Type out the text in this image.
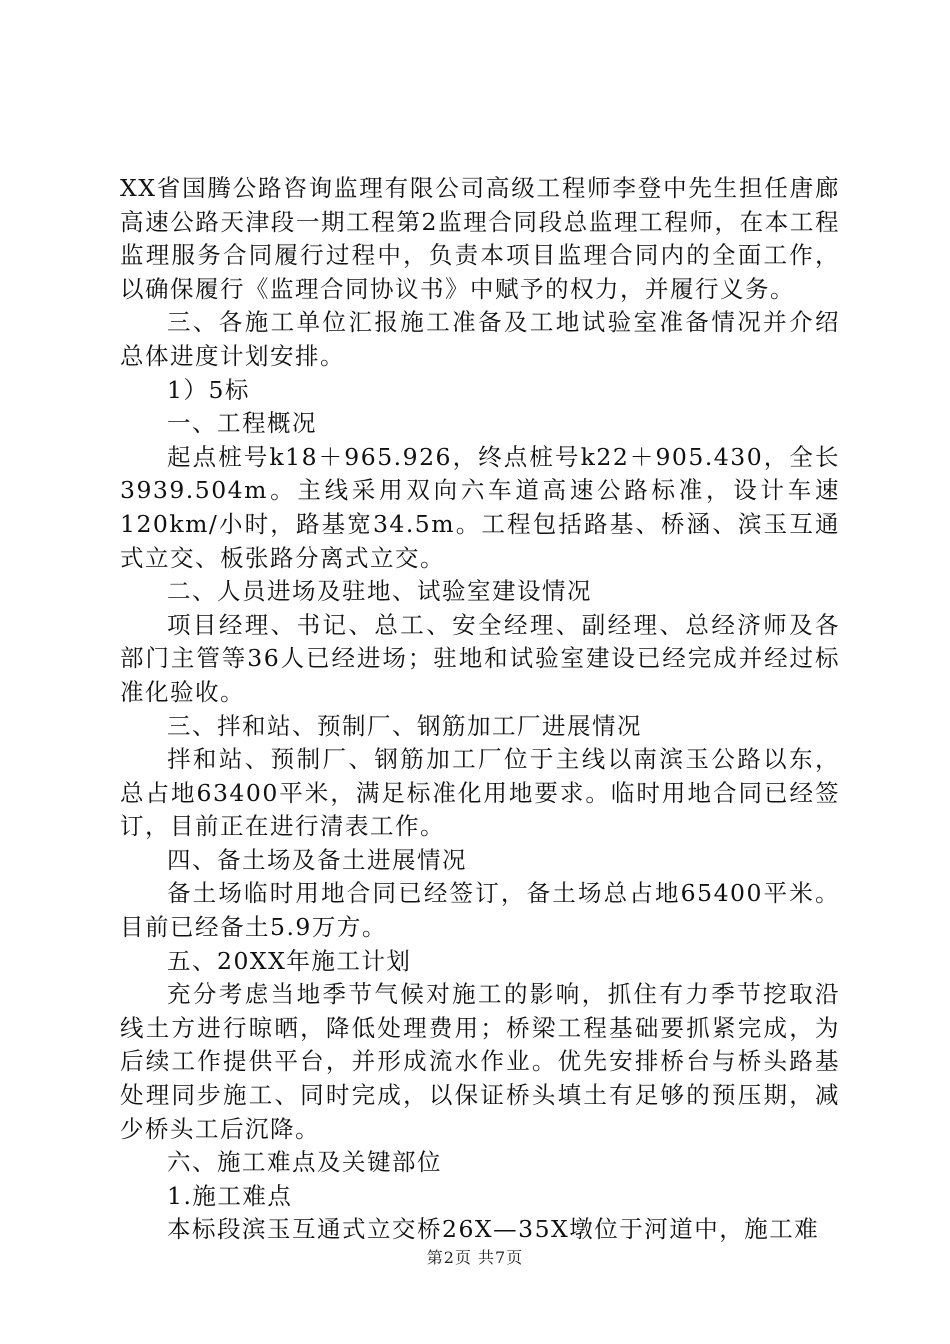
XX省国腾公路咨询监理有限公司高级工程师李登中先生担任唐廊高速公路天津段一期工程第2监理合同段总监理工程师，在本工程监理服务合同履行过程中，负责本项目监理合同内的全面工作，以确保履行《监理合同协议书》中赋予的权力，并履行义务。

三、各施工单位汇报施工准备及工地试验室准备情况并介绍总体进度计划安排。

1）5标

一、工程概况

起点桩号k18＋965.926，终点桩号k22＋905.430，全长3939.504m。主线采用双向六车道高速公路标准，设计车速120km/小时，路基宽34.5m。工程包括路基、桥涵、滨玉互通式立交、板张路分离式立交。

二、人员进场及驻地、试验室建设情况

项目经理、书记、总工、安全经理、副经理、总经济师及各部门主管等36人已经进场；驻地和试验室建设已经完成并经过标准化验收。

三、拌和站、预制厂、钢筋加工厂进展情况

拌和站、预制厂、钢筋加工厂位于主线以南滨玉公路以东，总占地63400平米，满足标准化用地要求。临时用地合同已经签订，目前正在进行清表工作。

四、备土场及备土进展情况

备土场临时用地合同已经签订，备土场总占地65400平米。目前已经备土5.9万方。

五、20XX年施工计划

充分考虑当地季节气候对施工的影响，抓住有力季节挖取沿线土方进行晾晒，降低处理费用；桥梁工程基础要抓紧完成，为后续工作提供平台，并形成流水作业。优先安排桥台与桥头路基处理同步施工、同时完成，以保证桥头填土有足够的预压期，减少桥头工后沉降。

六、施工难点及关键部位

1.施工难点

本标段滨玉互通式立交桥26X—35X墩位于河道中，施工难

第2页 共7页
